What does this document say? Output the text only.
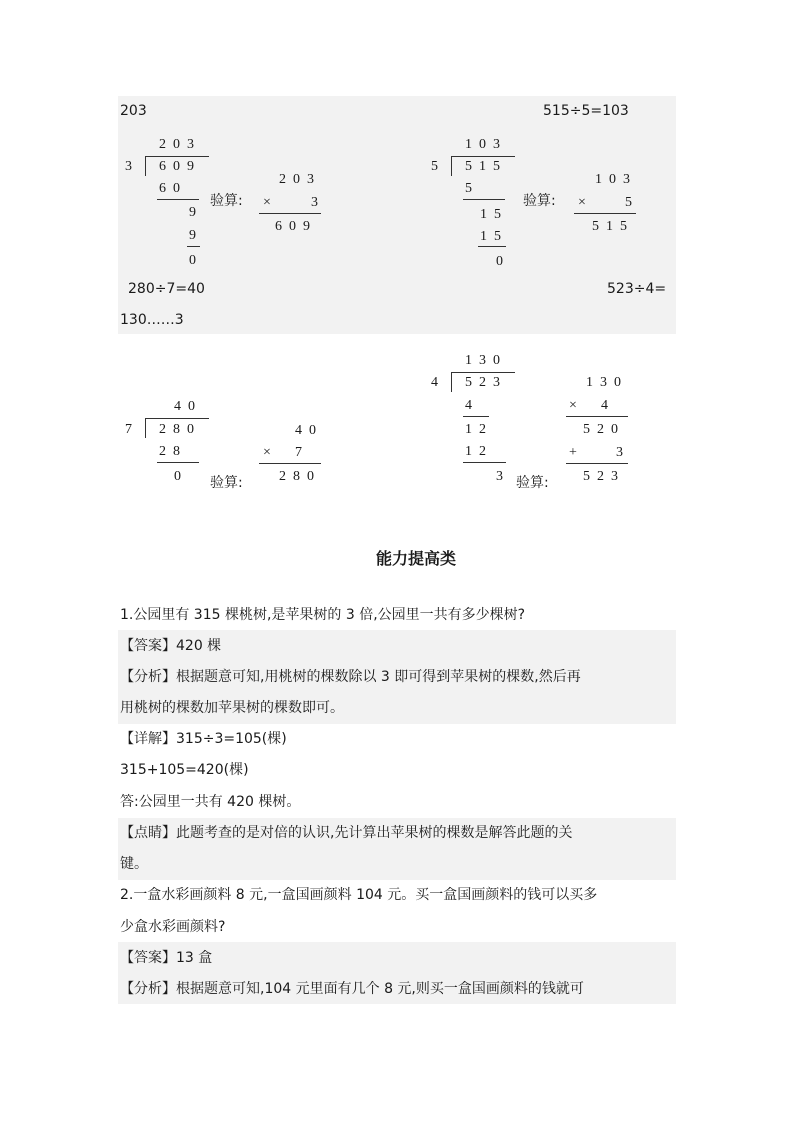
203	515÷5=103
203
3 609
60
9
9
0
验算:
203
× 3
609
103
5 515
5
15
15
0
验算:
103
× 5
515
280÷7=40	523÷4=
130……3
40
7 280
28
0 验算:
40
× 7
280
130
4 523
4
12
12
3 验算:
130
× 4
520
+ 3
523
能力提高类
1.公园里有 315 棵桃树,是苹果树的 3 倍,公园里一共有多少棵树?
【答案】420 棵
【分析】根据题意可知,用桃树的棵数除以 3 即可得到苹果树的棵数,然后再
用桃树的棵数加苹果树的棵数即可。
【详解】315÷3=105(棵)
315+105=420(棵)
答:公园里一共有 420 棵树。
【点睛】此题考查的是对倍的认识,先计算出苹果树的棵数是解答此题的关
键。
2.一盒水彩画颜料 8 元,一盒国画颜料 104 元。买一盒国画颜料的钱可以买多
少盒水彩画颜料?
【答案】13 盒
【分析】根据题意可知,104 元里面有几个 8 元,则买一盒国画颜料的钱就可
